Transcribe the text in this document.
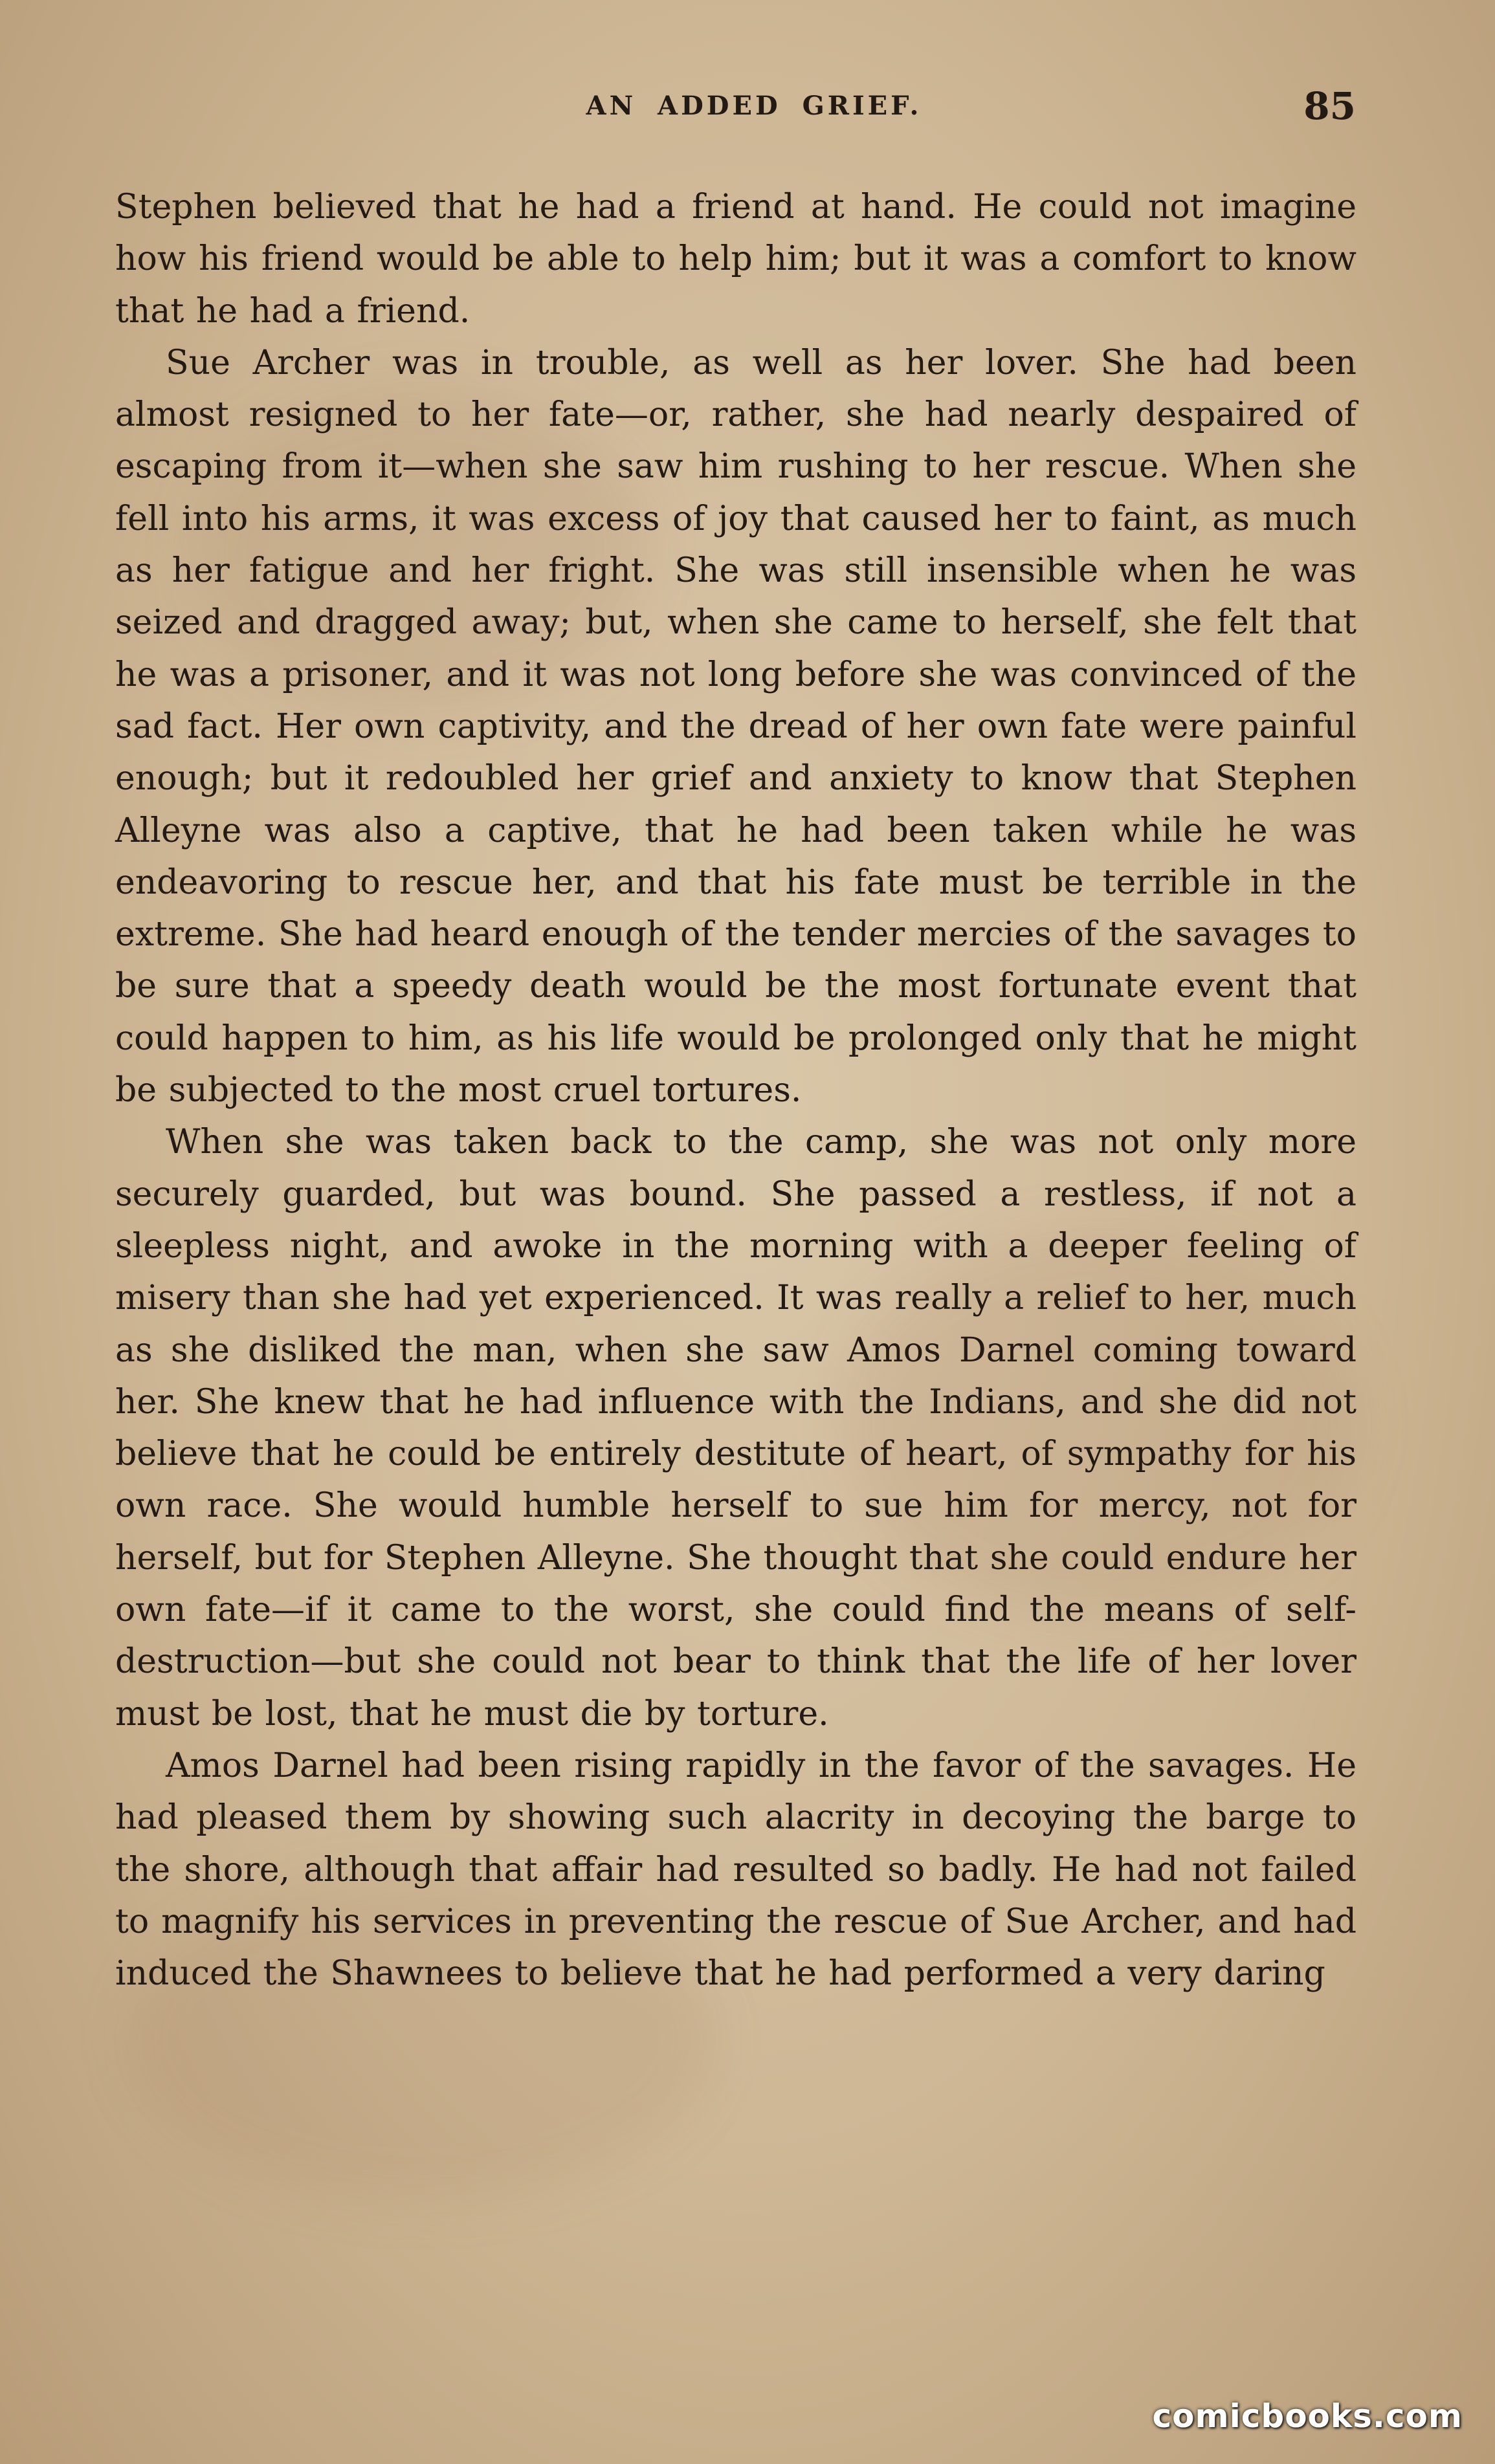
AN ADDED GRIEF.	85

Stephen believed that he had a friend at hand. He could not imagine how his friend would be able to help him; but it was a comfort to know that he had a friend.

Sue Archer was in trouble, as well as her lover. She had been almost resigned to her fate—or, rather, she had nearly despaired of escaping from it—when she saw him rushing to her rescue. When she fell into his arms, it was excess of joy that caused her to faint, as much as her fatigue and her fright. She was still insensible when he was seized and dragged away; but, when she came to herself, she felt that he was a prisoner, and it was not long before she was convinced of the sad fact. Her own captivity, and the dread of her own fate were painful enough; but it redoubled her grief and anxiety to know that Stephen Alleyne was also a captive, that he had been taken while he was endeavoring to rescue her, and that his fate must be terrible in the extreme. She had heard enough of the tender mercies of the savages to be sure that a speedy death would be the most fortunate event that could happen to him, as his life would be prolonged only that he might be subjected to the most cruel tortures.

When she was taken back to the camp, she was not only more securely guarded, but was bound. She passed a restless, if not a sleepless night, and awoke in the morning with a deeper feeling of misery than she had yet experienced. It was really a relief to her, much as she disliked the man, when she saw Amos Darnel coming toward her. She knew that he had influence with the Indians, and she did not believe that he could be entirely destitute of heart, of sympathy for his own race. She would humble herself to sue him for mercy, not for herself, but for Stephen Alleyne. She thought that she could endure her own fate—if it came to the worst, she could find the means of self-destruction—but she could not bear to think that the life of her lover must be lost, that he must die by torture.

Amos Darnel had been rising rapidly in the favor of the savages. He had pleased them by showing such alacrity in decoying the barge to the shore, although that affair had resulted so badly. He had not failed to magnify his services in preventing the rescue of Sue Archer, and had induced the Shawnees to believe that he had performed a very daring

comicbooks.com
